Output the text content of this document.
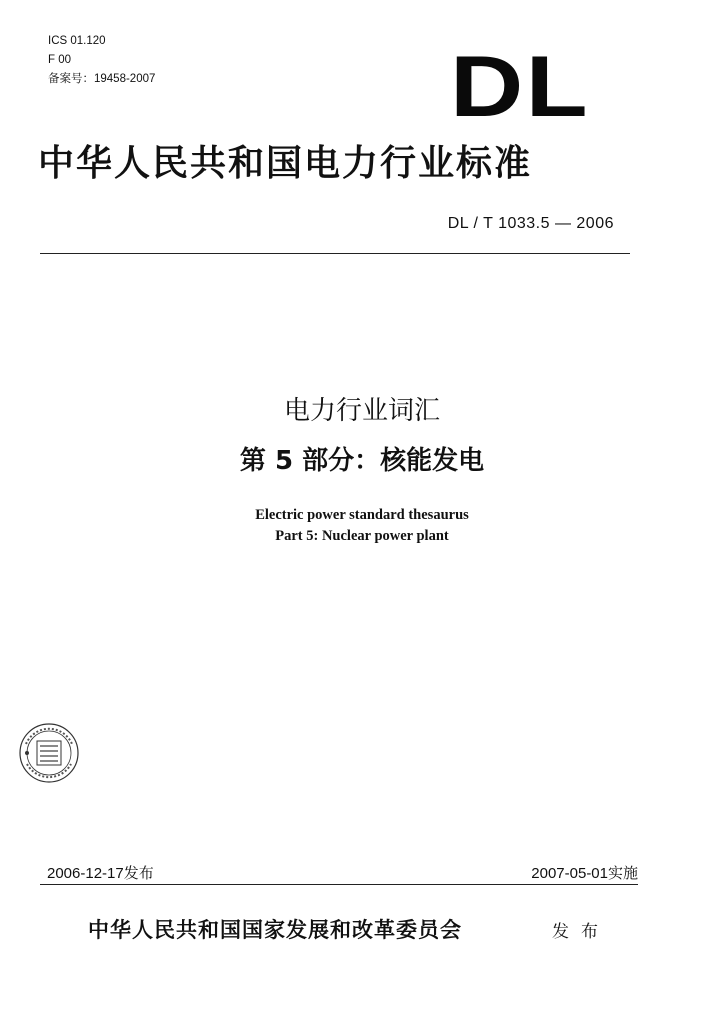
ICS 01.120
F 00
备案号：19458-2007	DL
中华人民共和国电力行业标准
DL / T 1033.5 — 2006
电力行业词汇
第 5 部分：核能发电
Electric power standard thesaurus
Part 5: Nuclear power plant
2006-12-17发布	2007-05-01实施
中华人民共和国国家发展和改革委员会	发布
